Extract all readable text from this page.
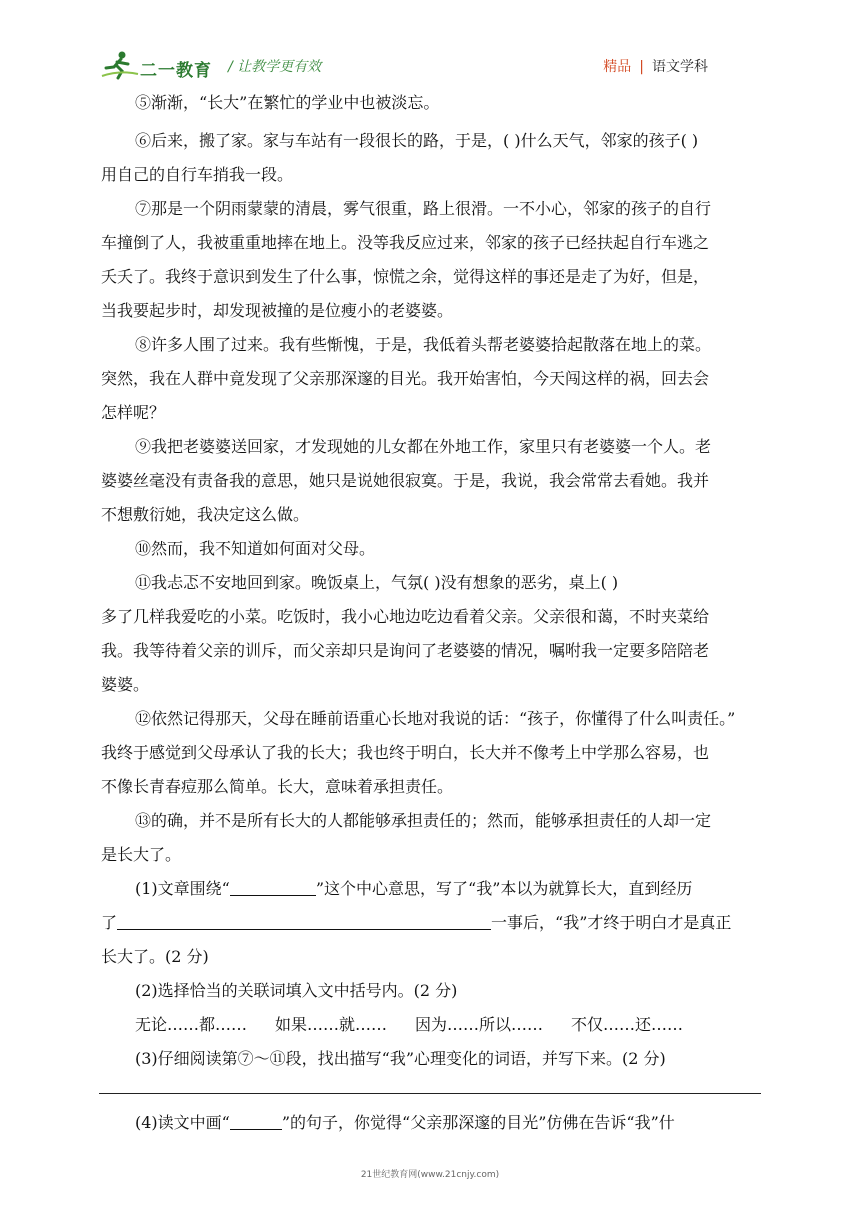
二一教育 / 让教学更有效	精品 | 语文学科
⑤渐渐，“长大”在繁忙的学业中也被淡忘。
⑥后来，搬了家。家与车站有一段很长的路，于是，( )什么天气，邻家的孩子( )
用自己的自行车捎我一段。
⑦那是一个阴雨蒙蒙的清晨，雾气很重，路上很滑。一不小心，邻家的孩子的自行
车撞倒了人，我被重重地摔在地上。没等我反应过来，邻家的孩子已经扶起自行车逃之
夭夭了。我终于意识到发生了什么事，惊慌之余，觉得这样的事还是走了为好，但是，
当我要起步时，却发现被撞的是位瘦小的老婆婆。
⑧许多人围了过来。我有些惭愧，于是，我低着头帮老婆婆拾起散落在地上的菜。
突然，我在人群中竟发现了父亲那深邃的目光。我开始害怕，今天闯这样的祸，回去会
怎样呢？
⑨我把老婆婆送回家，才发现她的儿女都在外地工作，家里只有老婆婆一个人。老
婆婆丝毫没有责备我的意思，她只是说她很寂寞。于是，我说，我会常常去看她。我并
不想敷衍她，我决定这么做。
⑩然而，我不知道如何面对父母。
⑪我忐忑不安地回到家。晚饭桌上，气氛( )没有想象的恶劣，桌上( )
多了几样我爱吃的小菜。吃饭时，我小心地边吃边看着父亲。父亲很和蔼，不时夹菜给
我。我等待着父亲的训斥，而父亲却只是询问了老婆婆的情况，嘱咐我一定要多陪陪老
婆婆。
⑫依然记得那天，父母在睡前语重心长地对我说的话：“孩子，你懂得了什么叫责任。”
我终于感觉到父母承认了我的长大；我也终于明白，长大并不像考上中学那么容易，也
不像长青春痘那么简单。长大，意味着承担责任。
⑬的确，并不是所有长大的人都能够承担责任的；然而，能够承担责任的人却一定
是长大了。
(1)文章围绕“	”这个中心意思，写了“我”本以为就算长大，直到经历
了	一事后，“我”才终于明白才是真正
长大了。(2 分)
(2)选择恰当的关联词填入文中括号内。(2 分)
无论……都…… 如果……就…… 因为……所以…… 不仅……还……
(3)仔细阅读第⑦～⑪段，找出描写“我”心理变化的词语，并写下来。(2 分)
(4)读文中画“	”的句子，你觉得“父亲那深邃的目光”仿佛在告诉“我”什
21世纪教育网(www.21cnjy.com)
